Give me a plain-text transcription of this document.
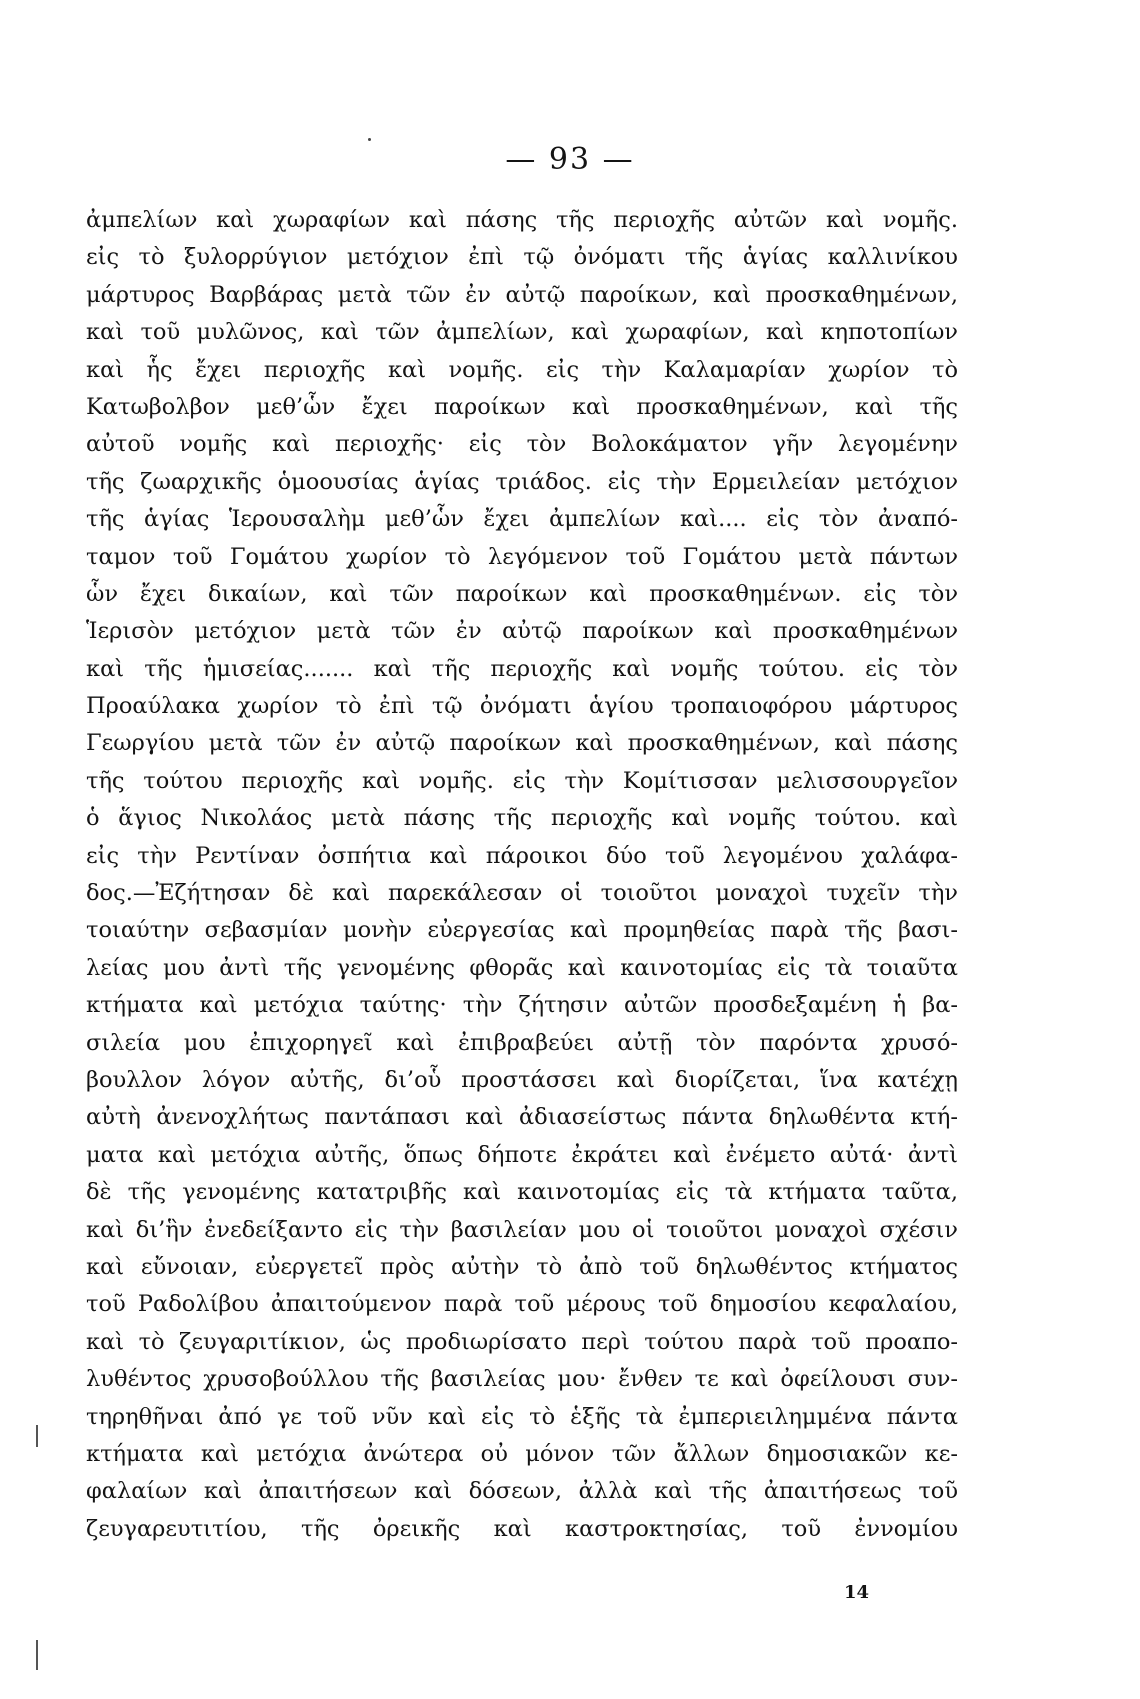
— 93 —
ἀμπελίων καὶ χωραφίων καὶ πάσης τῆς περιοχῆς αὐτῶν καὶ νομῆς.
εἰς τὸ ξυλορρύγιον μετόχιον ἐπὶ τῷ ὀνόματι τῆς ἁγίας καλλινίκου
μάρτυρος Βαρβάρας μετὰ τῶν ἐν αὐτῷ παροίκων, καὶ προσκαθημένων,
καὶ τοῦ μυλῶνος, καὶ τῶν ἀμπελίων, καὶ χωραφίων, καὶ κηποτοπίων
καὶ ἧς ἔχει περιοχῆς καὶ νομῆς. εἰς τὴν Καλαμαρίαν χωρίον τὸ
Κατωβολβον μεθ’ὧν ἔχει παροίκων καὶ προσκαθημένων, καὶ τῆς
αὐτοῦ νομῆς καὶ περιοχῆς· εἰς τὸν Βολοκάματον γῆν λεγομένην
τῆς ζωαρχικῆς ὁμοουσίας ἁγίας τριάδος. εἰς τὴν Ερμειλείαν μετόχιον
τῆς ἁγίας Ἱερουσαλὴμ μεθ’ὧν ἔχει ἀμπελίων καὶ.... εἰς τὸν ἀναπό-
ταμον τοῦ Γομάτου χωρίον τὸ λεγόμενον τοῦ Γομάτου μετὰ πάντων
ὧν ἔχει δικαίων, καὶ τῶν παροίκων καὶ προσκαθημένων. εἰς τὸν
Ἱερισὸν μετόχιον μετὰ τῶν ἐν αὐτῷ παροίκων καὶ προσκαθημένων
καὶ τῆς ἡμισείας....... καὶ τῆς περιοχῆς καὶ νομῆς τούτου. εἰς τὸν
Προαύλακα χωρίον τὸ ἐπὶ τῷ ὀνόματι ἁγίου τροπαιοφόρου μάρτυρος
Γεωργίου μετὰ τῶν ἐν αὐτῷ παροίκων καὶ προσκαθημένων, καὶ πάσης
τῆς τούτου περιοχῆς καὶ νομῆς. εἰς τὴν Κομίτισσαν μελισσουργεῖον
ὁ ἅγιος Νικολάος μετὰ πάσης τῆς περιοχῆς καὶ νομῆς τούτου. καὶ
εἰς τὴν Ρεντίναν ὀσπήτια καὶ πάροικοι δύο τοῦ λεγομένου χαλάφα-
δος.—Ἐζήτησαν δὲ καὶ παρεκάλεσαν οἱ τοιοῦτοι μοναχοὶ τυχεῖν τὴν
τοιαύτην σεβασμίαν μονὴν εὐεργεσίας καὶ προμηθείας παρὰ τῆς βασι-
λείας μου ἀντὶ τῆς γενομένης φθορᾶς καὶ καινοτομίας εἰς τὰ τοιαῦτα
κτήματα καὶ μετόχια ταύτης· τὴν ζήτησιν αὐτῶν προσδεξαμένη ἡ βα-
σιλεία μου ἐπιχορηγεῖ καὶ ἐπιβραβεύει αὐτῇ τὸν παρόντα χρυσό-
βουλλον λόγον αὐτῆς, δι’οὗ προστάσσει καὶ διορίζεται, ἵνα κατέχῃ
αὐτὴ ἀνενοχλήτως παντάπασι καὶ ἀδιασείστως πάντα δηλωθέντα κτή-
ματα καὶ μετόχια αὐτῆς, ὅπως δήποτε ἐκράτει καὶ ἐνέμετο αὐτά· ἀντὶ
δὲ τῆς γενομένης κατατριβῆς καὶ καινοτομίας εἰς τὰ κτήματα ταῦτα,
καὶ δι’ἣν ἐνεδείξαντο εἰς τὴν βασιλείαν μου οἱ τοιοῦτοι μοναχοὶ σχέσιν
καὶ εὔνοιαν, εὐεργετεῖ πρὸς αὐτὴν τὸ ἀπὸ τοῦ δηλωθέντος κτήματος
τοῦ Ραδολίβου ἀπαιτούμενον παρὰ τοῦ μέρους τοῦ δημοσίου κεφαλαίου,
καὶ τὸ ζευγαριτίκιον, ὡς προδιωρίσατο περὶ τούτου παρὰ τοῦ προαπο-
λυθέντος χρυσοβούλλου τῆς βασιλείας μου· ἔνθεν τε καὶ ὀφείλουσι συν-
τηρηθῆναι ἀπό γε τοῦ νῦν καὶ εἰς τὸ ἑξῆς τὰ ἐμπεριειλημμένα πάντα
κτήματα καὶ μετόχια ἀνώτερα οὐ μόνον τῶν ἄλλων δημοσιακῶν κε-
φαλαίων καὶ ἀπαιτήσεων καὶ δόσεων, ἀλλὰ καὶ τῆς ἀπαιτήσεως τοῦ
ζευγαρευτιτίου, τῆς ὀρεικῆς καὶ καστροκτησίας, τοῦ ἐννομίου
14
